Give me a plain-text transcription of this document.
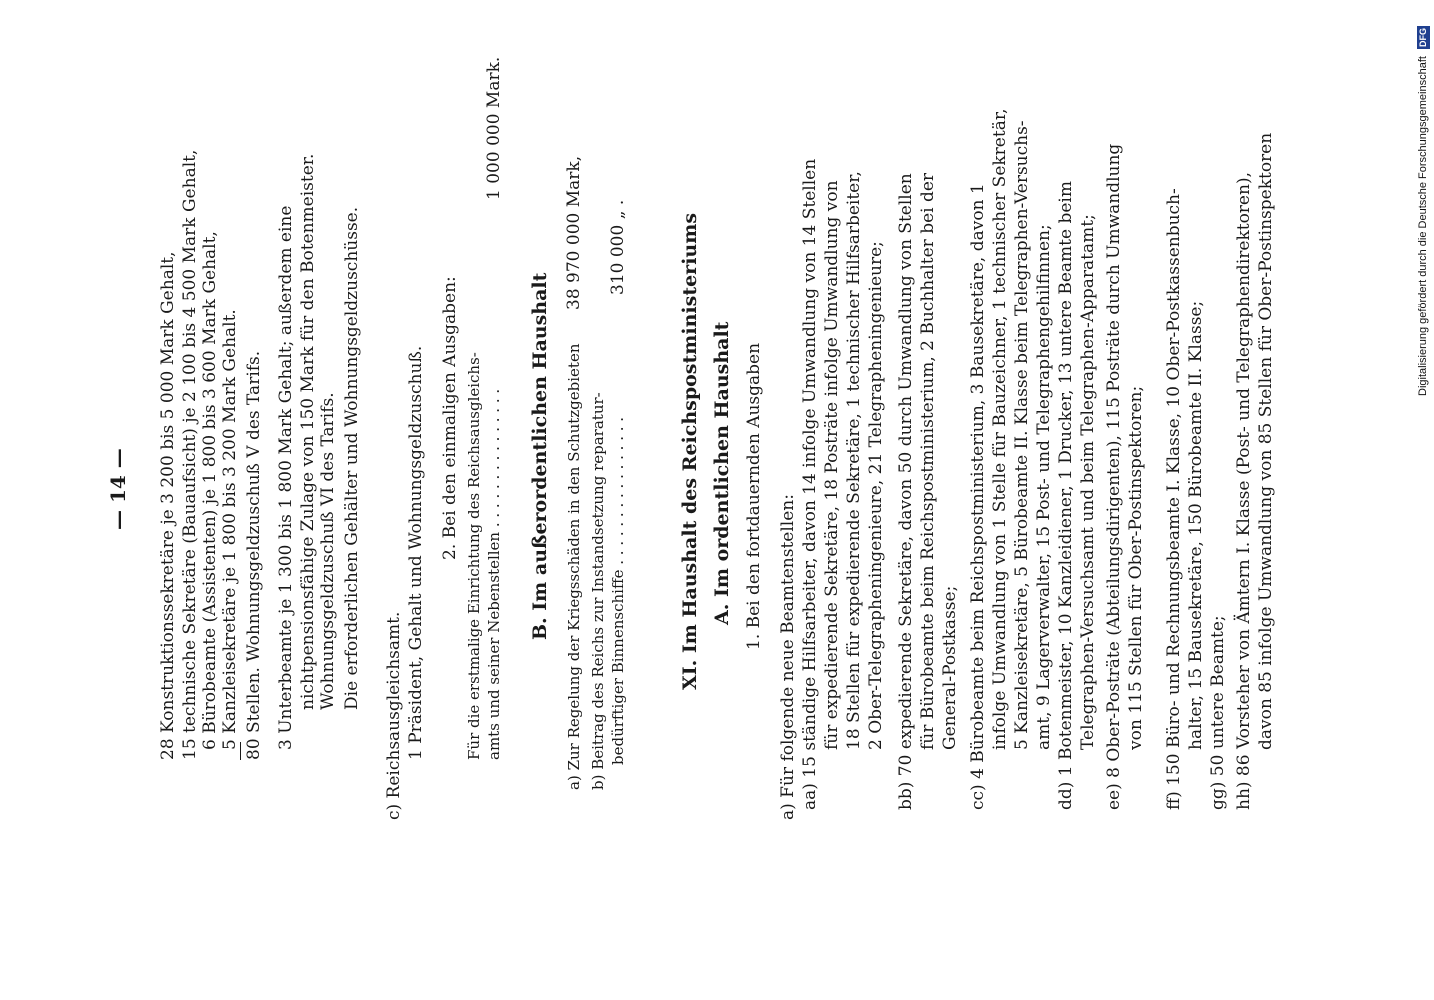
— 14 — 28 Konstruktionssekretäre je 3 200 bis 5 000 Mark Gehalt, 15 technische Sekretäre (Bauaufsicht) je 2 100 bis 4 500 Mark Gehalt, 6 Bürobeamte (Assistenten) je 1 800 bis 3 600 Mark Gehalt, 5 Kanzleisekretäre je 1 800 bis 3 200 Mark Gehalt. 80 Stellen. Wohnungsgeldzuschuß V des Tarifs. 3 Unterbeamte je 1 300 bis 1 800 Mark Gehalt; außerdem eine nichtpensionsfähige Zulage von 150 Mark für den Botenmeister. Wohnungsgeldzuschuß VI des Tarifs. Die erforderlichen Gehälter und Wohnungsgeldzuschüsse.
c) Reichsausgleichsamt. 1 Präsident, Gehalt und Wohnungsgeldzuschuß. 2. Bei den einmaligen Ausgaben: Für die erstmalige Einrichtung des Reichsausgleichs- amts und seiner Nebenstellen . . . . . . . . . . . . . . .
1 000 000 Mark.
B. Im außerordentlichen Haushalt a) Zur Regelung der Kriegsschäden in den Schutzgebieten
38 970 000 Mark,
b) Beitrag des Reichs zur Instandsetzung reparatur- bedürftiger Binnenschiffe . . . . . . . . . . . . . . . .
310 000 „ .	XI. Im Haushalt des Reichspostministeriums A. Im ordentlichen Haushalt 1. Bei den fortdauernden Ausgaben a) Für folgende neue Beamtenstellen: aa) 15 ständige Hilfsarbeiter, davon 14 infolge Umwandlung von 14 Stellen für expedierende Sekretäre, 18 Posträte infolge Umwandlung von 18 Stellen für expedierende Sekretäre, 1 technischer Hilfsarbeiter, 2 Ober-Telegrapheningenieure, 21 Telegrapheningenieure; bb) 70 expedierende Sekretäre, davon 50 durch Umwandlung von Stellen für Bürobeamte beim Reichspostministerium, 2 Buchhalter bei der General-Postkasse; cc) 4 Bürobeamte beim Reichspostministerium, 3 Bausekretäre, davon 1 infolge Umwandlung von 1 Stelle für Bauzeichner, 1 technischer Sekretär, 5 Kanzleisekretäre, 5 Bürobeamte II. Klasse beim Telegraphen-Versuchs- amt, 9 Lagerverwalter, 15 Post- und Telegraphengehilfinnen; dd) 1 Botenmeister, 10 Kanzleidiener, 1 Drucker, 13 untere Beamte beim Telegraphen-Versuchsamt und beim Telegraphen-Apparatamt; ee) 8 Ober-Posträte (Abteilungsdirigenten), 115 Posträte durch Umwandlung von 115 Stellen für Ober-Postinspektoren; ff) 150 Büro- und Rechnungsbeamte I. Klasse, 10 Ober-Postkassenbuch- halter, 15 Bausekretäre, 150 Bürobeamte II. Klasse; gg) 50 untere Beamte; hh) 86 Vorsteher von Ämtern I. Klasse (Post- und Telegraphendirektoren), davon 85 infolge Umwandlung von 85 Stellen für Ober-Postinspektoren	Digitalisierung gefördert durch die Deutsche Forschungsgemeinschaft DFG
